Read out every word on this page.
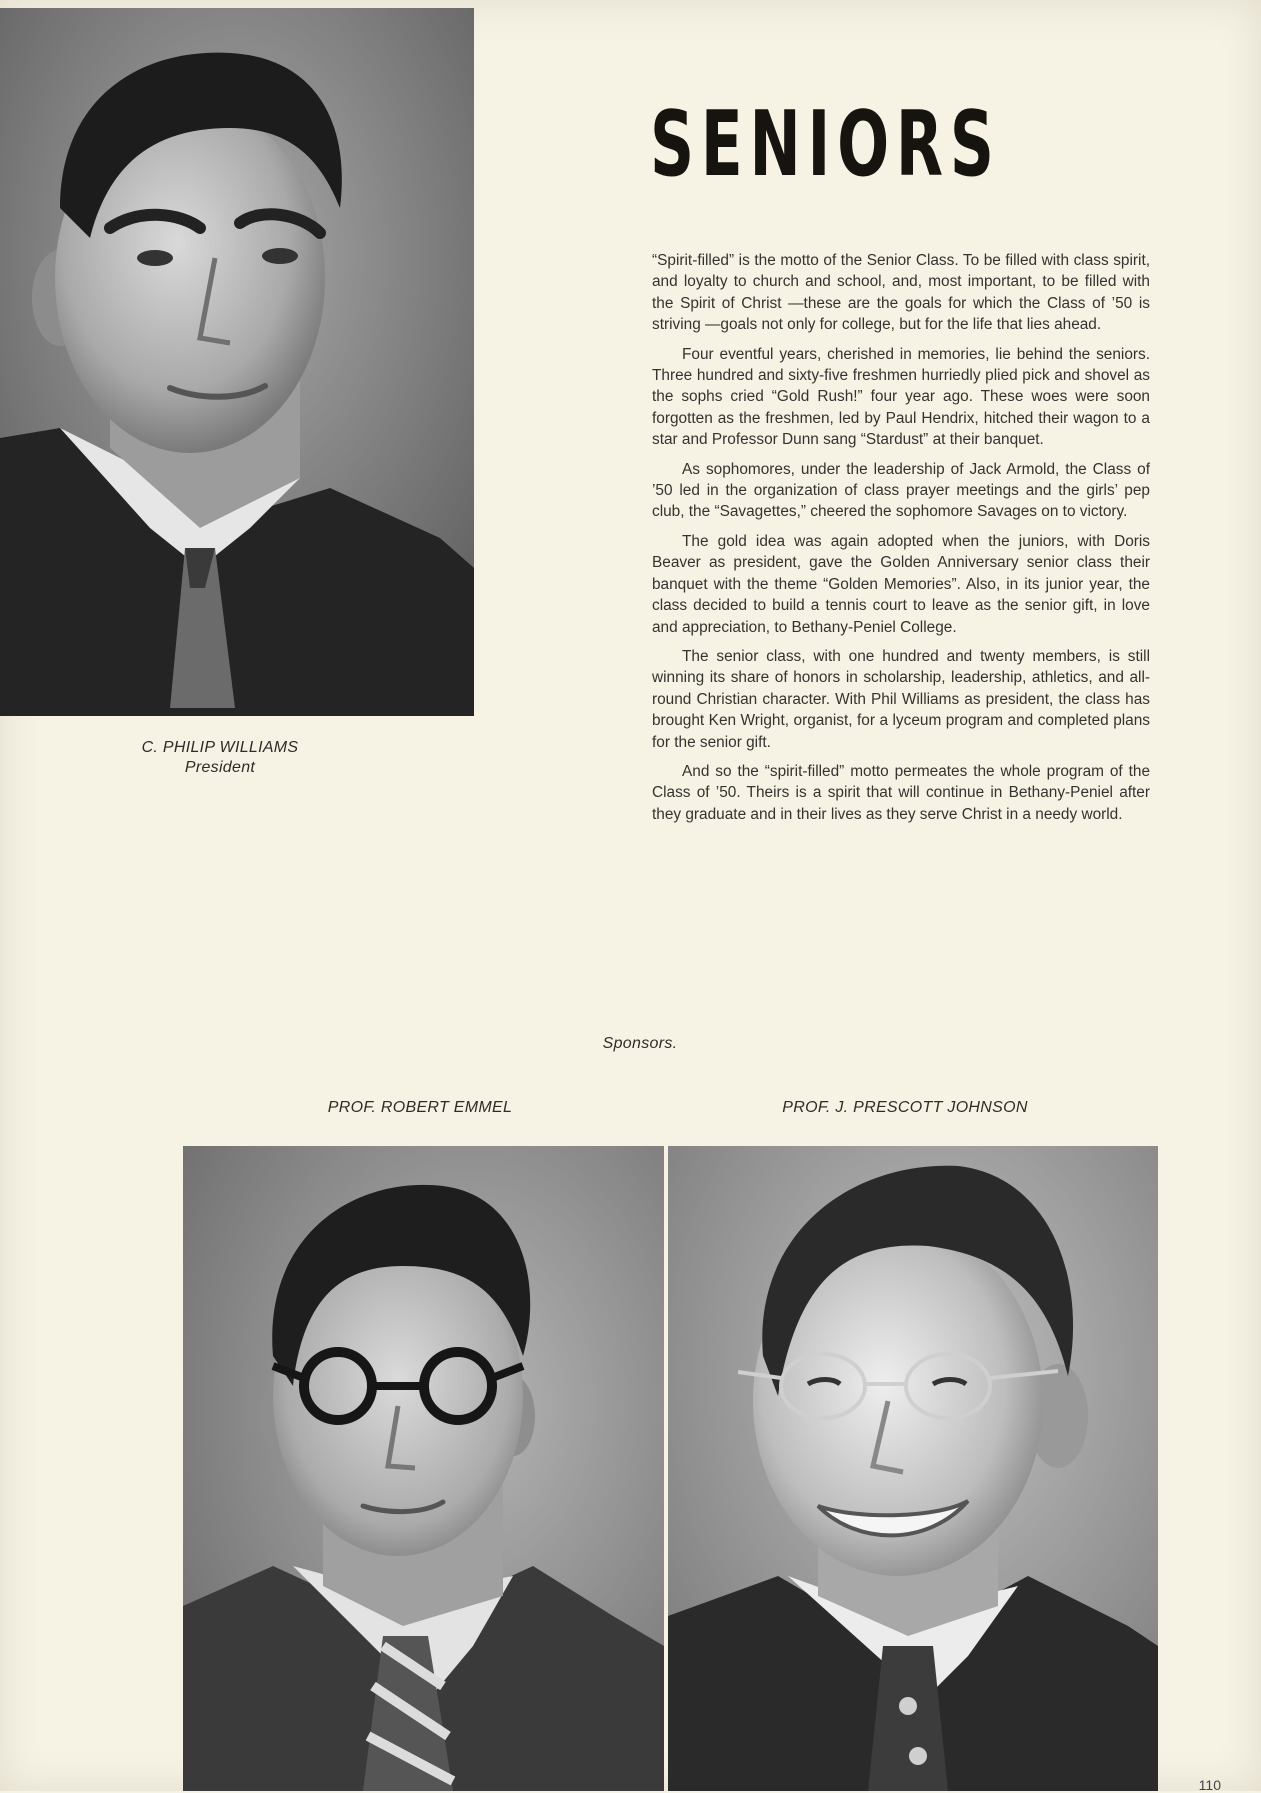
C. PHILIP WILLIAMS
President
SENIORS

“Spirit-filled” is the motto of the Senior Class. To be filled with class spirit, and loyalty to church and school, and, most important, to be filled with the Spirit of Christ —these are the goals for which the Class of ’50 is striving —goals not only for college, but for the life that lies ahead.

Four eventful years, cherished in memories, lie behind the seniors. Three hundred and sixty-five freshmen hurriedly plied pick and shovel as the sophs cried “Gold Rush!” four year ago. These woes were soon forgotten as the freshmen, led by Paul Hendrix, hitched their wagon to a star and Professor Dunn sang “Stardust” at their banquet.

As sophomores, under the leadership of Jack Armold, the Class of ’50 led in the organization of class prayer meetings and the girls’ pep club, the “Savagettes,” cheered the sophomore Savages on to victory.

The gold idea was again adopted when the juniors, with Doris Beaver as president, gave the Golden Anniversary senior class their banquet with the theme “Golden Memories”. Also, in its junior year, the class decided to build a tennis court to leave as the senior gift, in love and appreciation, to Bethany-Peniel College.

The senior class, with one hundred and twenty members, is still winning its share of honors in scholarship, leadership, athletics, and all-round Christian character. With Phil Williams as president, the class has brought Ken Wright, organist, for a lyceum program and completed plans for the senior gift.

And so the “spirit-filled” motto permeates the whole program of the Class of ’50. Theirs is a spirit that will continue in Bethany-Peniel after they graduate and in their lives as they serve Christ in a needy world.

Sponsors.
PROF. ROBERT EMMEL	PROF. J. PRESCOTT JOHNSON
110
